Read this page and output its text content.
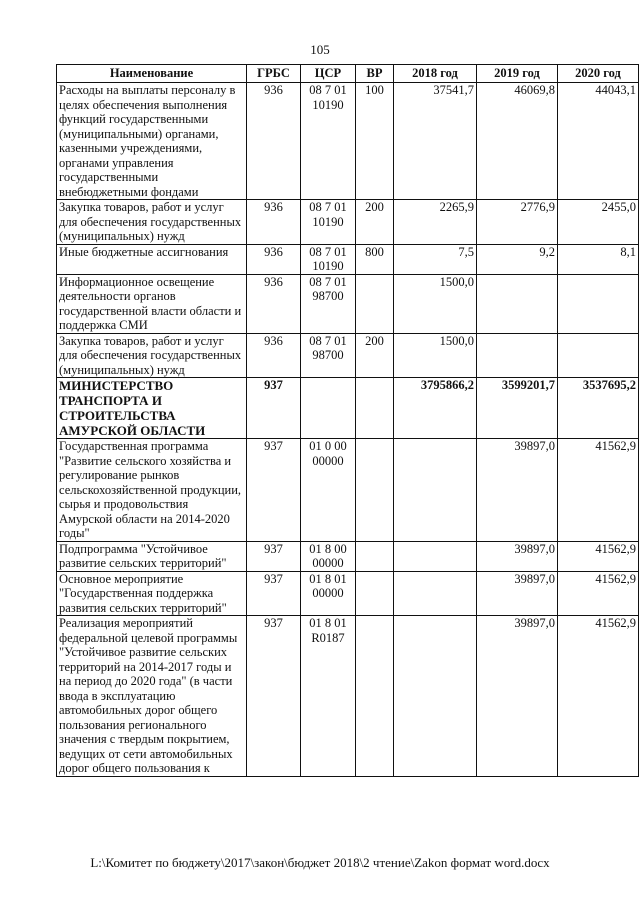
105
Наименование	ГРБС	ЦСР	ВР	2018 год	2019 год	2020 год
Расходы на выплаты персоналу в целях обеспечения выполнения функций государственными (муниципальными) органами, казенными учреждениями, органами управления государственными внебюджетными фондами	936	08 7 01 10190	100	37541,7	46069,8	44043,1
Закупка товаров, работ и услуг для обеспечения государственных (муниципальных) нужд	936	08 7 01 10190	200	2265,9	2776,9	2455,0
Иные бюджетные ассигнования	936	08 7 01 10190	800	7,5	9,2	8,1
Информационное освещение деятельности органов государственной власти области и поддержка СМИ	936	08 7 01 98700		1500,0		
Закупка товаров, работ и услуг для обеспечения государственных (муниципальных) нужд	936	08 7 01 98700	200	1500,0		
МИНИСТЕРСТВО ТРАНСПОРТА И СТРОИТЕЛЬСТВА АМУРСКОЙ ОБЛАСТИ	937			3795866,2	3599201,7	3537695,2
Государственная программа "Развитие сельского хозяйства и регулирование рынков сельскохозяйственной продукции, сырья и продовольствия Амурской области на 2014-2020 годы"	937	01 0 00 00000			39897,0	41562,9
Подпрограмма "Устойчивое развитие сельских территорий"	937	01 8 00 00000			39897,0	41562,9
Основное мероприятие "Государственная поддержка развития сельских территорий"	937	01 8 01 00000			39897,0	41562,9
Реализация мероприятий федеральной целевой программы "Устойчивое развитие сельских территорий на 2014-2017 годы и на период до 2020 года" (в части ввода в эксплуатацию автомобильных дорог общего пользования регионального значения с твердым покрытием, ведущих от сети автомобильных дорог общего пользования к	937	01 8 01 R0187			39897,0	41562,9
L:\Комитет по бюджету\2017\закон\бюджет 2018\2 чтение\Zakon формат word.docx
